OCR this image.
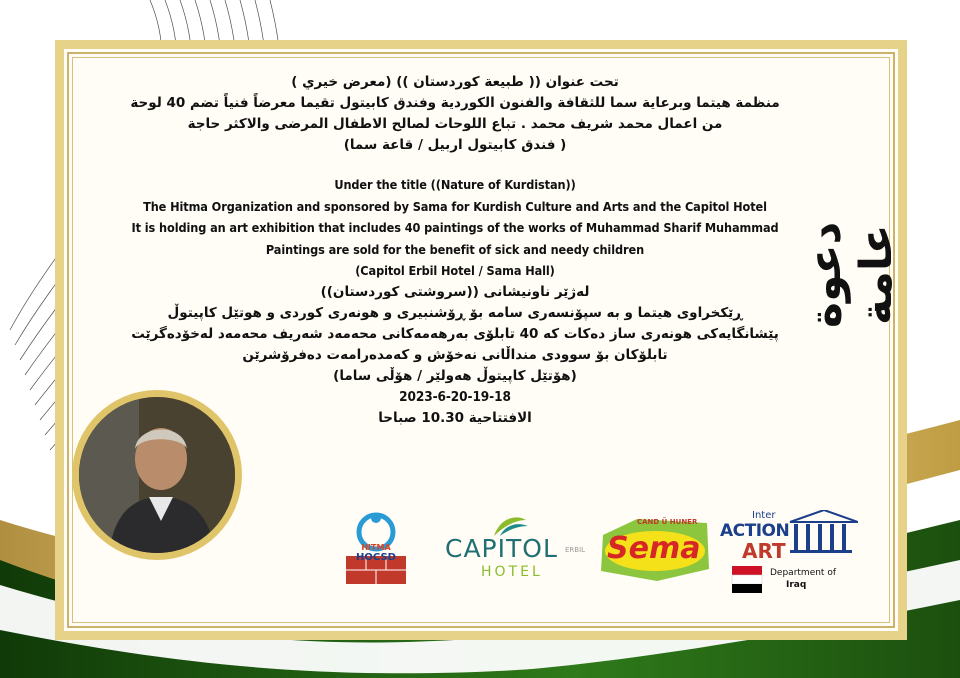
دعوة عامة
تحت عنوان (( طبيعة كوردستان )) (معرض خيري )
منظمة هيتما وبرعاية سما للثقافة والفنون الكوردية وفندق كابيتول تقيما معرضاً فنياً تضم 40 لوحة
من اعمال محمد شريف محمد . تباع اللوحات لصالح الاطفال المرضى والاكثر حاجة
( فندق كابيتول اربيل / قاعة سما)
Under the title ((Nature of Kurdistan))
The Hitma Organization and sponsored by Sama for Kurdish Culture and Arts and the Capitol Hotel
It is holding an art exhibition that includes 40 paintings of the works of Muhammad Sharif Muhammad
Paintings are sold for the benefit of sick and needy children
(Capitol Erbil Hotel / Sama Hall)
لەژێر ناونیشانی ((سروشتی کوردستان))
ڕێکخراوی هیتما و بە سپۆنسەری سامە بۆ ڕۆشنبیری و هونەری کوردی و هوتێل کاپیتوڵ
پێشانگایەکی هونەری ساز دەکات کە 40 تابلۆی بەرهەمەکانی محەمەد شەریف محەمەد لەخۆدەگرێت
تابلۆکان بۆ سوودی منداڵانی نەخۆش و کەمدەرامەت دەفرۆشرێن
(هۆتێل کاپیتوڵ هەولێر / هۆڵی ساما)
2023-6-20-19-18
الافتتاحية 10.30 صباحا
HITMA
HOCSD	CAPITOL	ERBIL
HOTEL
CAND Ü HUNER
Sema
Inter
ACTION
ART
Department of
Iraq
